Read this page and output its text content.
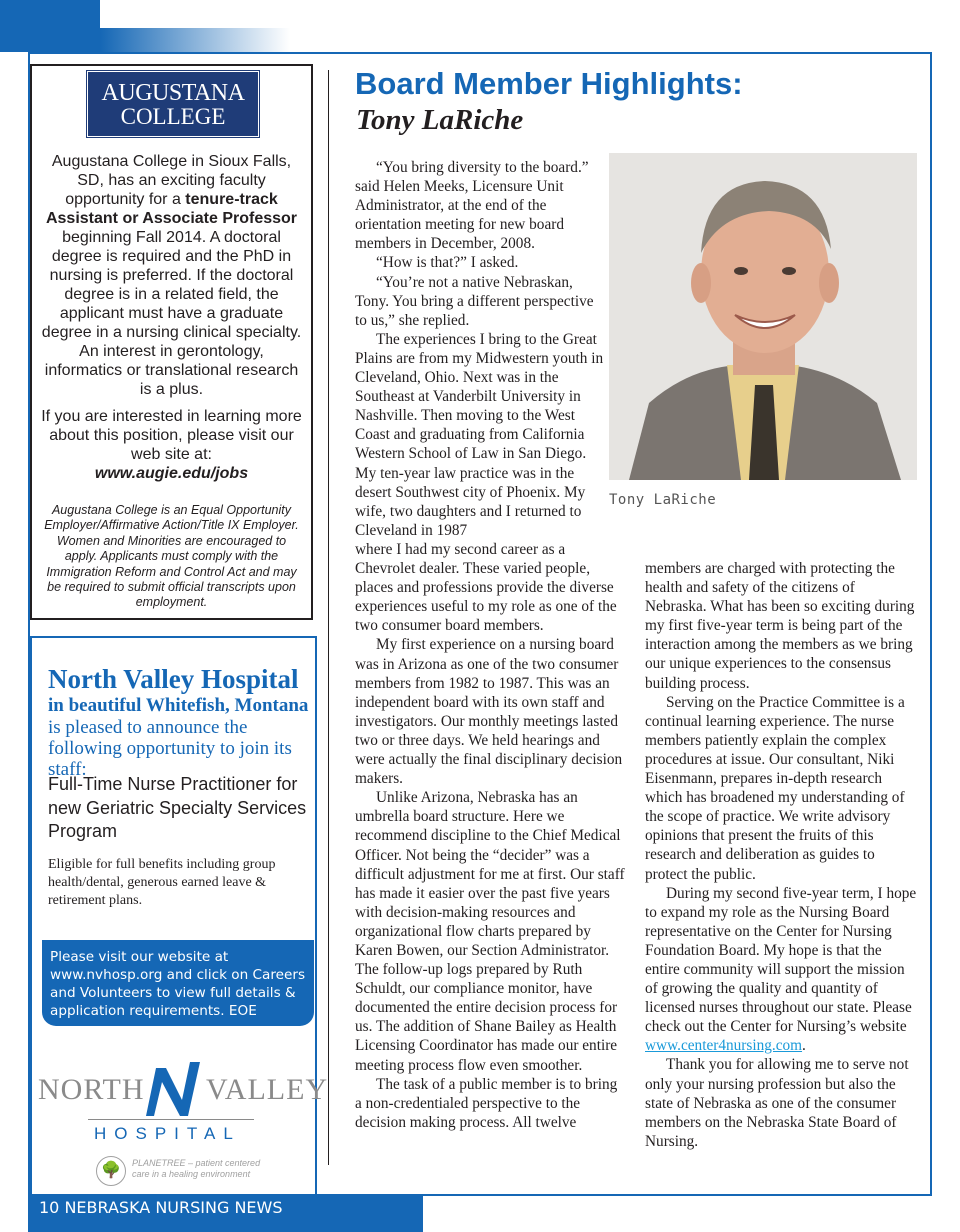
AUGUSTANA
COLLEGE

Augustana College in Sioux Falls, SD, has an exciting faculty opportunity for a tenure-track Assistant or Associate Professor beginning Fall 2014. A doctoral degree is required and the PhD in nursing is preferred. If the doctoral degree is in a related field, the applicant must have a graduate degree in a nursing clinical specialty. An interest in gerontology, informatics or translational research is a plus.

If you are interested in learning more about this position, please visit our web site at:
www.augie.edu/jobs

Augustana College is an Equal Opportunity Employer/Affirmative Action/Title IX Employer. Women and Minorities are encouraged to apply. Applicants must comply with the Immigration Reform and Control Act and may be required to submit official transcripts upon employment.
North Valley Hospital
in beautiful Whitefish, Montana
is pleased to announce the following opportunity to join its staff:
Full-Time Nurse Practitioner for new Geriatric Specialty Services Program
Eligible for full benefits including group health/dental, generous earned leave & retirement plans.
Please visit our website at www.nvhosp.org and click on Careers and Volunteers to view full details & application requirements. EOE
NORTH VALLEY
HOSPITAL
🌳	PLANETREE – patient centered care in a healing environment
10 NEBRASKA NURSING NEWS
Board Member Highlights:
Tony LaRiche

“You bring diversity to the board.” said Helen Meeks, Licensure Unit Administrator, at the end of the orientation meeting for new board members in December, 2008.

“How is that?” I asked.

“You’re not a native Nebraskan, Tony. You bring a different perspective to us,” she replied.

The experiences I bring to the Great Plains are from my Midwestern youth in Cleveland, Ohio. Next was in the Southeast at Vanderbilt University in Nashville. Then moving to the West Coast and graduating from California Western School of Law in San Diego. My ten-year law practice was in the desert Southwest city of Phoenix. My wife, two daughters and I returned to Cleveland in 1987

where I had my second career as a Chevrolet dealer. These varied people, places and professions provide the diverse experiences useful to my role as one of the two consumer board members.

My first experience on a nursing board was in Arizona as one of the two consumer members from 1982 to 1987. This was an independent board with its own staff and investigators. Our monthly meetings lasted two or three days. We held hearings and were actually the final disciplinary decision makers.

Unlike Arizona, Nebraska has an umbrella board structure. Here we recommend discipline to the Chief Medical Officer. Not being the “decider” was a difficult adjustment for me at first. Our staff has made it easier over the past five years with decision-making resources and organizational flow charts prepared by Karen Bowen, our Section Administrator. The follow-up logs prepared by Ruth Schuldt, our compliance monitor, have documented the entire decision process for us. The addition of Shane Bailey as Health Licensing Coordinator has made our entire meeting process flow even smoother.

The task of a public member is to bring a non-credentialed perspective to the decision making process. All twelve

Tony LaRiche

members are charged with protecting the health and safety of the citizens of Nebraska. What has been so exciting during my first five-year term is being part of the interaction among the members as we bring our unique experiences to the consensus building process.

Serving on the Practice Committee is a continual learning experience. The nurse members patiently explain the complex procedures at issue. Our consultant, Niki Eisenmann, prepares in-depth research which has broadened my understanding of the scope of practice. We write advisory opinions that present the fruits of this research and deliberation as guides to protect the public.

During my second five-year term, I hope to expand my role as the Nursing Board representative on the Center for Nursing Foundation Board. My hope is that the entire community will support the mission of growing the quality and quantity of licensed nurses throughout our state. Please check out the Center for Nursing’s website www.center4nursing.com.

Thank you for allowing me to serve not only your nursing profession but also the state of Nebraska as one of the consumer members on the Nebraska State Board of Nursing.
